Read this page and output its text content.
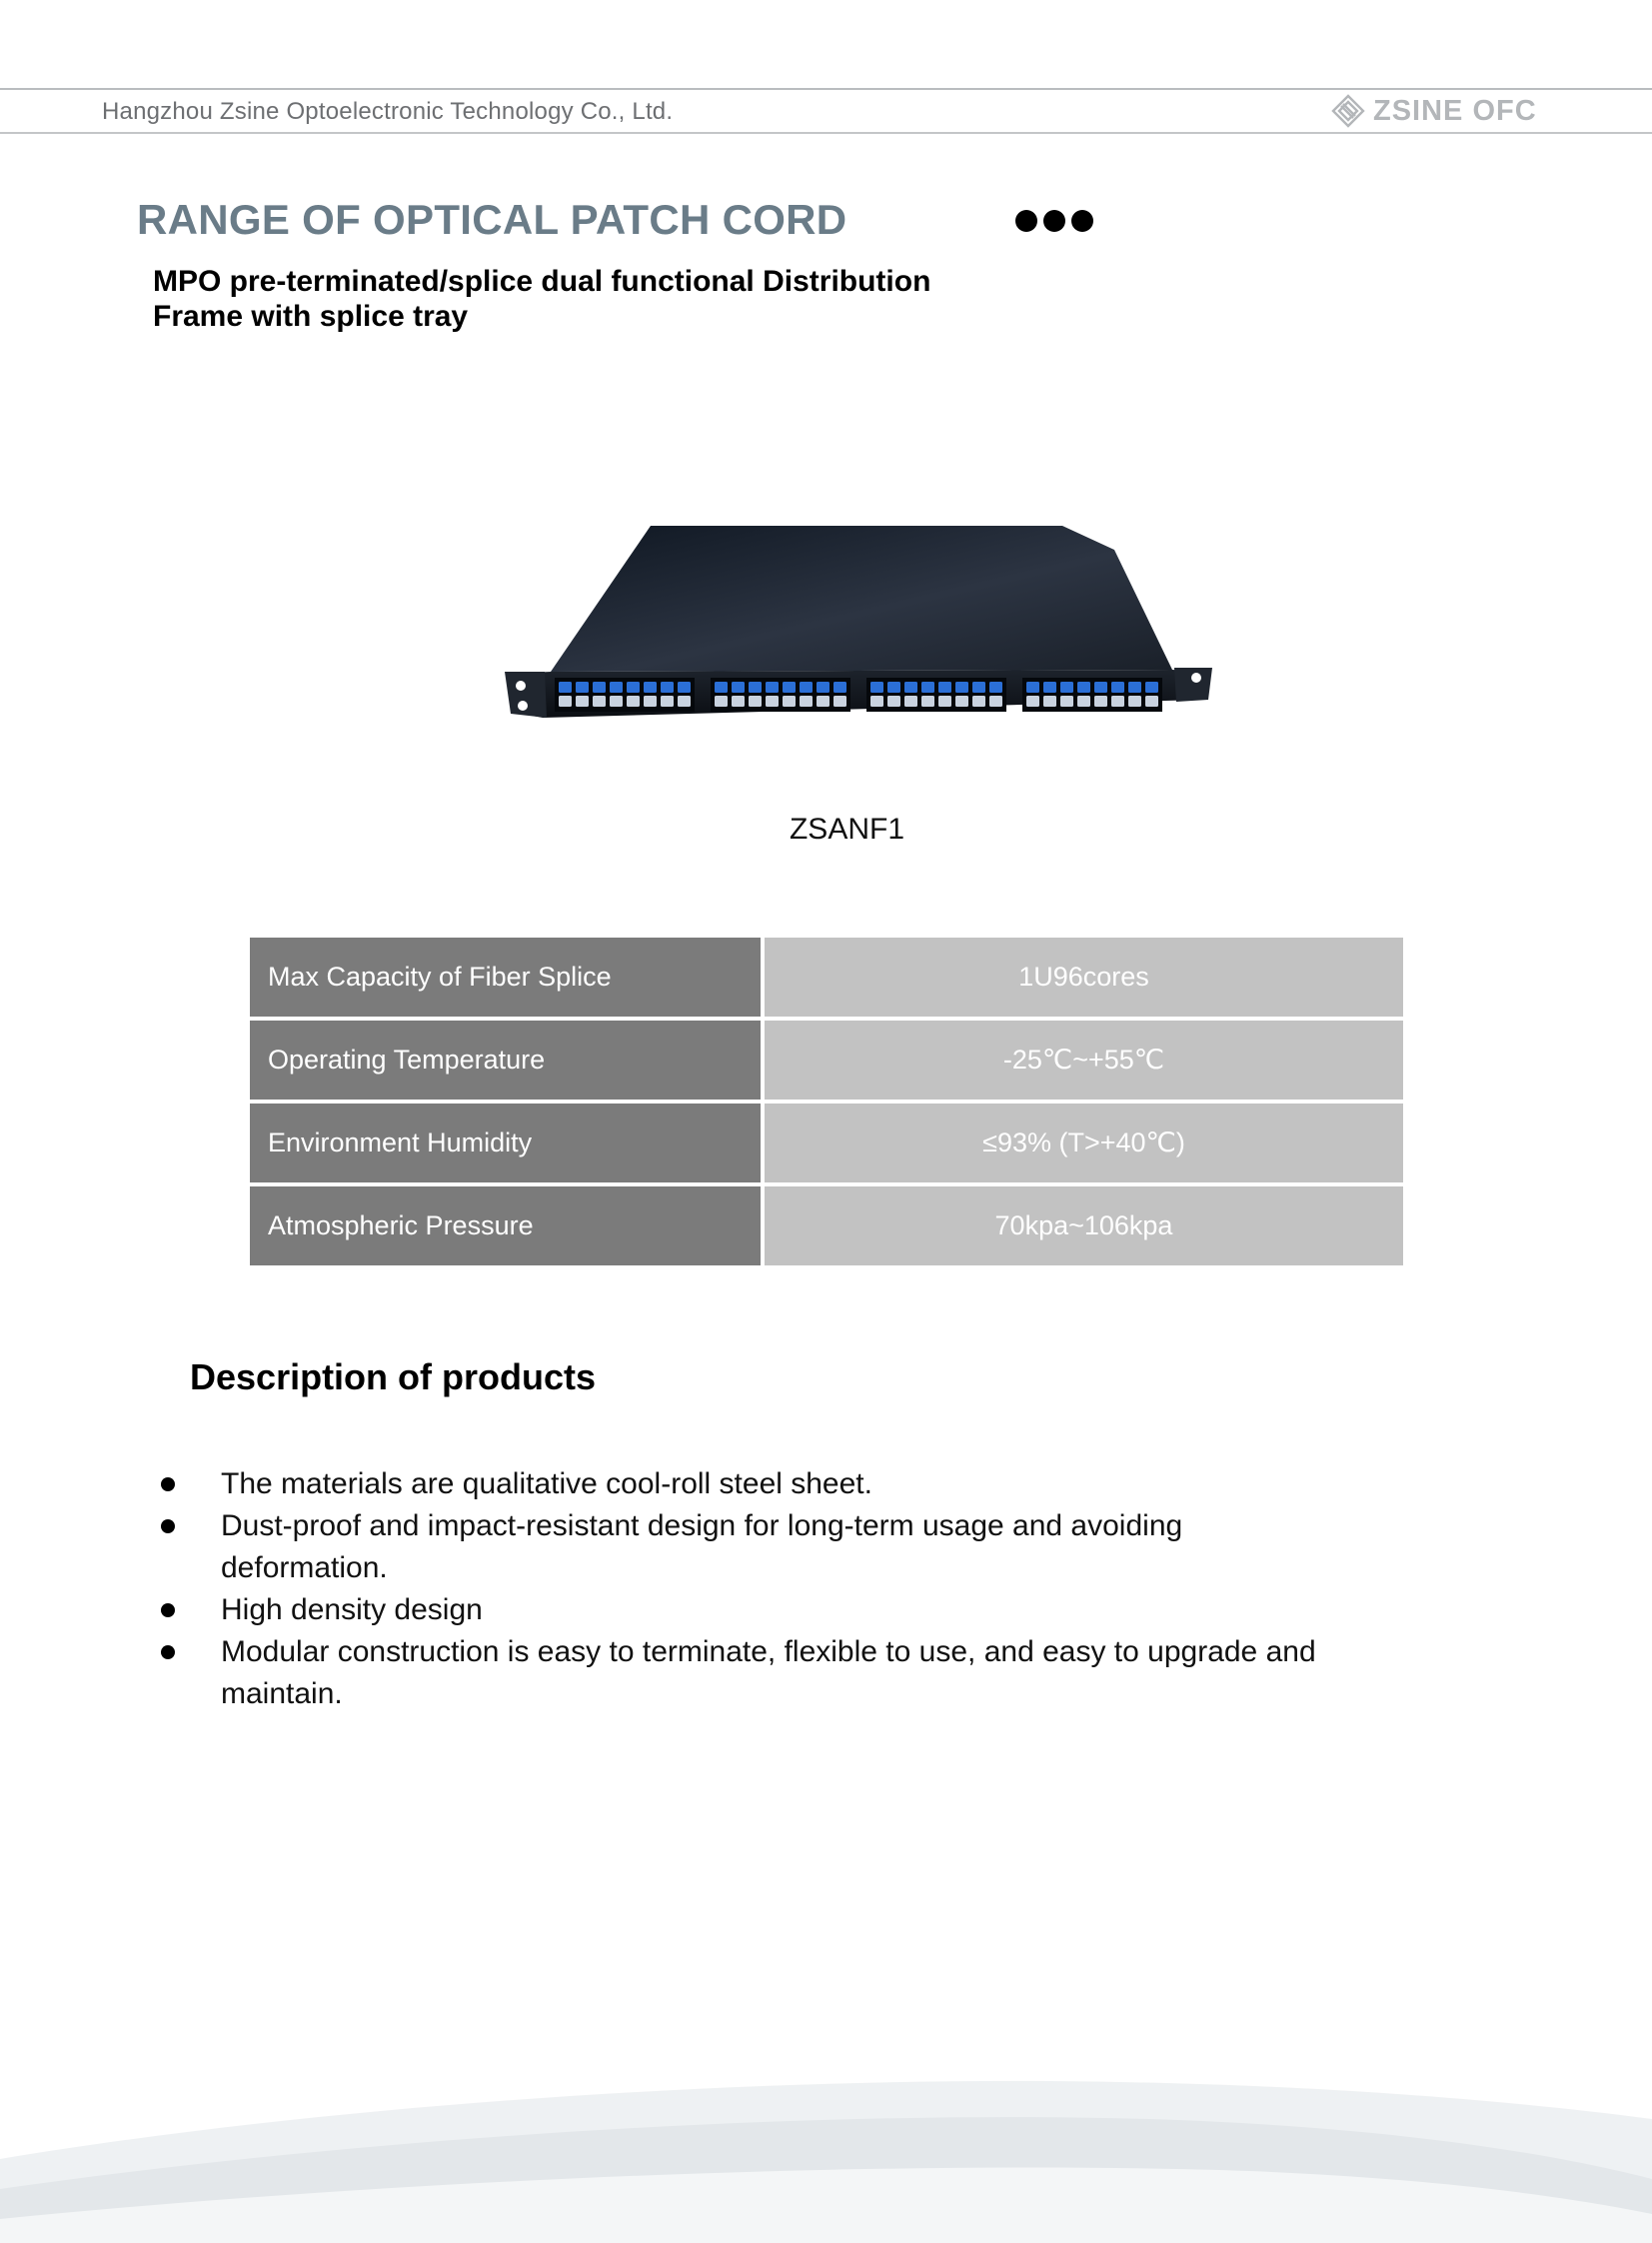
Hangzhou Zsine Optoelectronic Technology Co., Ltd.	ZSINE OFC
RANGE OF OPTICAL PATCH CORD
MPO pre-terminated/splice dual functional Distribution Frame with splice tray
ZSANF1
Max Capacity of Fiber Splice	1U96cores
Operating Temperature	-25℃~+55℃
Environment Humidity	≤93% (T>+40℃)
Atmospheric Pressure	70kpa~106kpa
Description of products
The materials are qualitative cool-roll steel sheet.
Dust-proof and impact-resistant design for long-term usage and avoiding deformation.
High density design
Modular construction is easy to terminate, flexible to use, and easy to upgrade and maintain.
